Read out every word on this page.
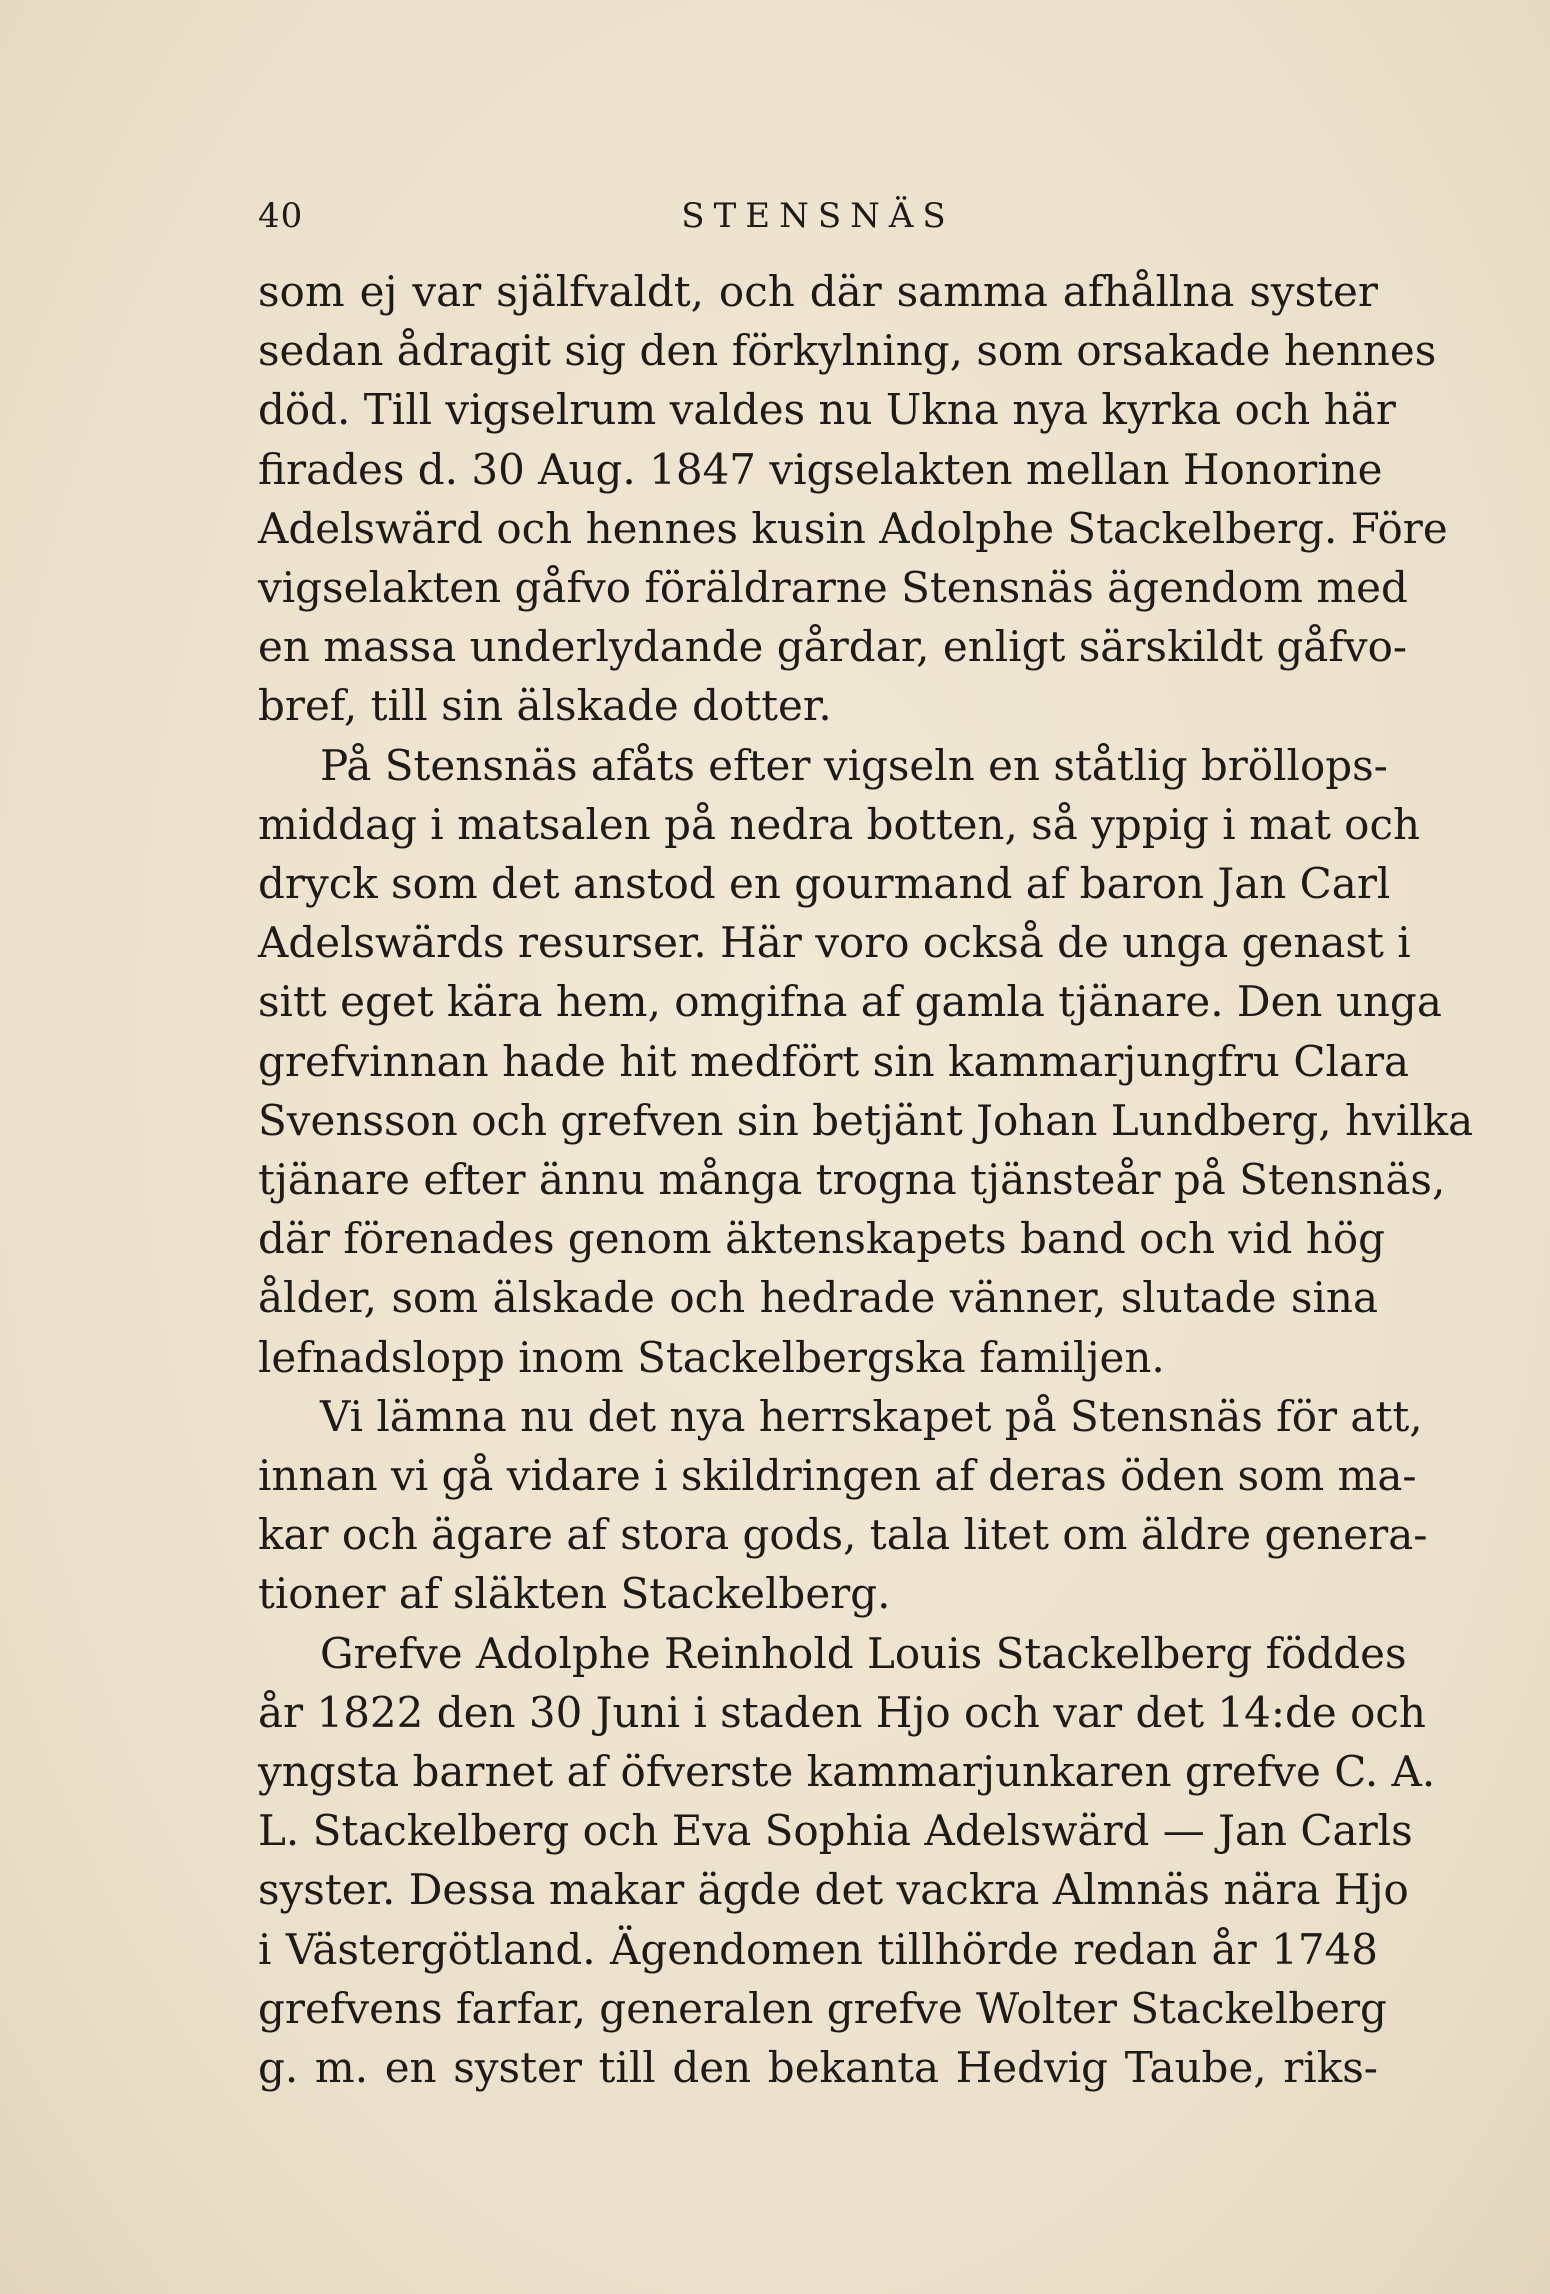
40	STENSNÄS

som ej var själfvaldt, och där samma afhållna syster

sedan ådragit sig den förkylning, som orsakade hennes

död. Till vigselrum valdes nu Ukna nya kyrka och här

firades d. 30 Aug. 1847 vigselakten mellan Honorine

Adelswärd och hennes kusin Adolphe Stackelberg. Före

vigselakten gåfvo föräldrarne Stensnäs ägendom med

en massa underlydande gårdar, enligt särskildt gåfvo-

bref, till sin älskade dotter.

På Stensnäs afåts efter vigseln en ståtlig bröllops-

middag i matsalen på nedra botten, så yppig i mat och

dryck som det anstod en gourmand af baron Jan Carl

Adelswärds resurser. Här voro också de unga genast i

sitt eget kära hem, omgifna af gamla tjänare. Den unga

grefvinnan hade hit medfört sin kammarjungfru Clara

Svensson och grefven sin betjänt Johan Lundberg, hvilka

tjänare efter ännu många trogna tjänsteår på Stensnäs,

där förenades genom äktenskapets band och vid hög

ålder, som älskade och hedrade vänner, slutade sina

lefnadslopp inom Stackelbergska familjen.

Vi lämna nu det nya herrskapet på Stensnäs för att,

innan vi gå vidare i skildringen af deras öden som ma-

kar och ägare af stora gods, tala litet om äldre genera-

tioner af släkten Stackelberg.

Grefve Adolphe Reinhold Louis Stackelberg föddes

år 1822 den 30 Juni i staden Hjo och var det 14:de och

yngsta barnet af öfverste kammarjunkaren grefve C. A.

L. Stackelberg och Eva Sophia Adelswärd — Jan Carls

syster. Dessa makar ägde det vackra Almnäs nära Hjo

i Västergötland. Ägendomen tillhörde redan år 1748

grefvens farfar, generalen grefve Wolter Stackelberg

g. m. en syster till den bekanta Hedvig Taube, riks-
